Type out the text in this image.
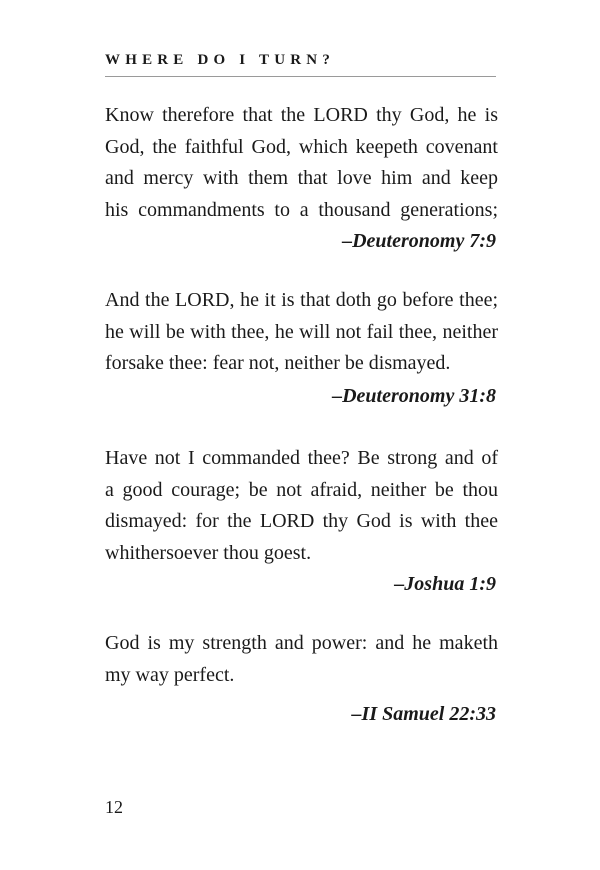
WHERE DO I TURN?
Know therefore that the LORD thy God, he is
God, the faithful God, which keepeth covenant
and mercy with them that love him and keep
his commandments to a thousand generations;
–Deuteronomy 7:9
And the LORD, he it is that doth go before thee;
he will be with thee, he will not fail thee, neither
forsake thee: fear not, neither be dismayed.
–Deuteronomy 31:8
Have not I commanded thee? Be strong and of
a good courage; be not afraid, neither be thou
dismayed: for the LORD thy God is with thee
whithersoever thou goest.
–Joshua 1:9
God is my strength and power: and he maketh
my way perfect.
–II Samuel 22:33
12
